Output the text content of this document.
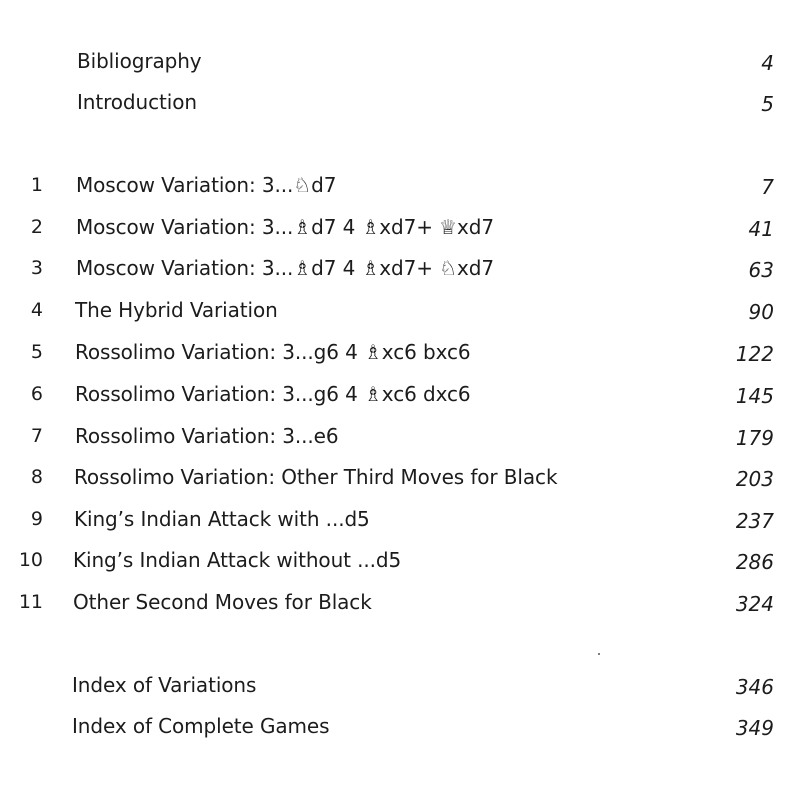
Bibliography	4
Introduction	5
1 Moscow Variation: 3...♘d7	7
2 Moscow Variation: 3...♗d7 4 ♗xd7+ ♕xd7	41
3 Moscow Variation: 3...♗d7 4 ♗xd7+ ♘xd7	63
4 The Hybrid Variation	90
5 Rossolimo Variation: 3...g6 4 ♗xc6 bxc6	122
6 Rossolimo Variation: 3...g6 4 ♗xc6 dxc6	145
7 Rossolimo Variation: 3...e6	179
8 Rossolimo Variation: Other Third Moves for Black	203
9 King’s Indian Attack with ...d5	237
10 King’s Indian Attack without ...d5	286
11 Other Second Moves for Black	324
Index of Variations	346
Index of Complete Games	349
